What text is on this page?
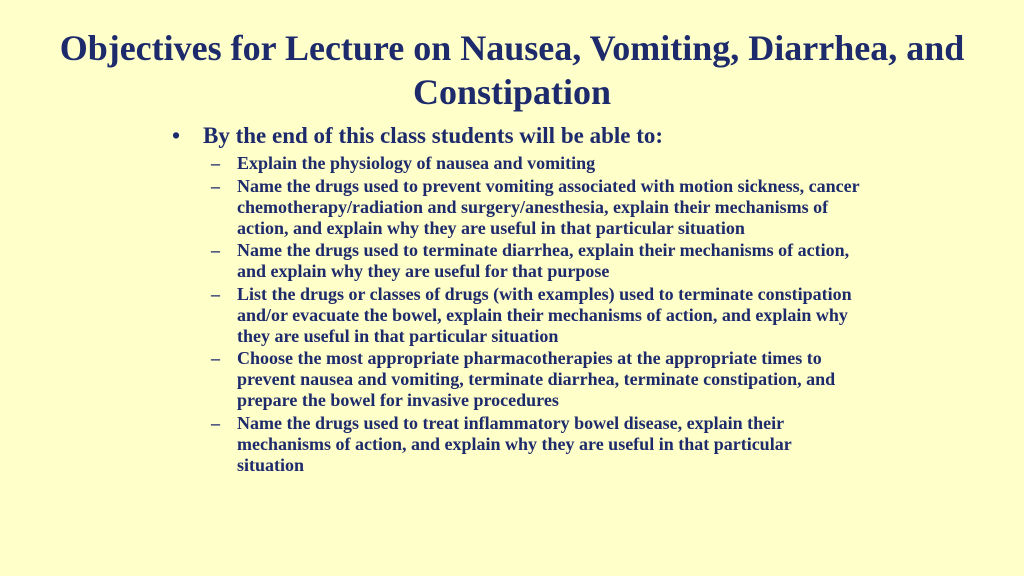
Objectives for Lecture on Nausea, Vomiting, Diarrhea, and Constipation
• By the end of this class students will be able to:
– Explain the physiology of nausea and vomiting
– Name the drugs used to prevent vomiting associated with motion sickness, cancer chemotherapy/radiation and surgery/anesthesia, explain their mechanisms of action, and explain why they are useful in that particular situation
– Name the drugs used to terminate diarrhea, explain their mechanisms of action, and explain why they are useful for that purpose
– List the drugs or classes of drugs (with examples) used to terminate constipation and/or evacuate the bowel, explain their mechanisms of action, and explain why they are useful in that particular situation
– Choose the most appropriate pharmacotherapies at the appropriate times to prevent nausea and vomiting, terminate diarrhea, terminate constipation, and prepare the bowel for invasive procedures
– Name the drugs used to treat inflammatory bowel disease, explain their mechanisms of action, and explain why they are useful in that particular situation
